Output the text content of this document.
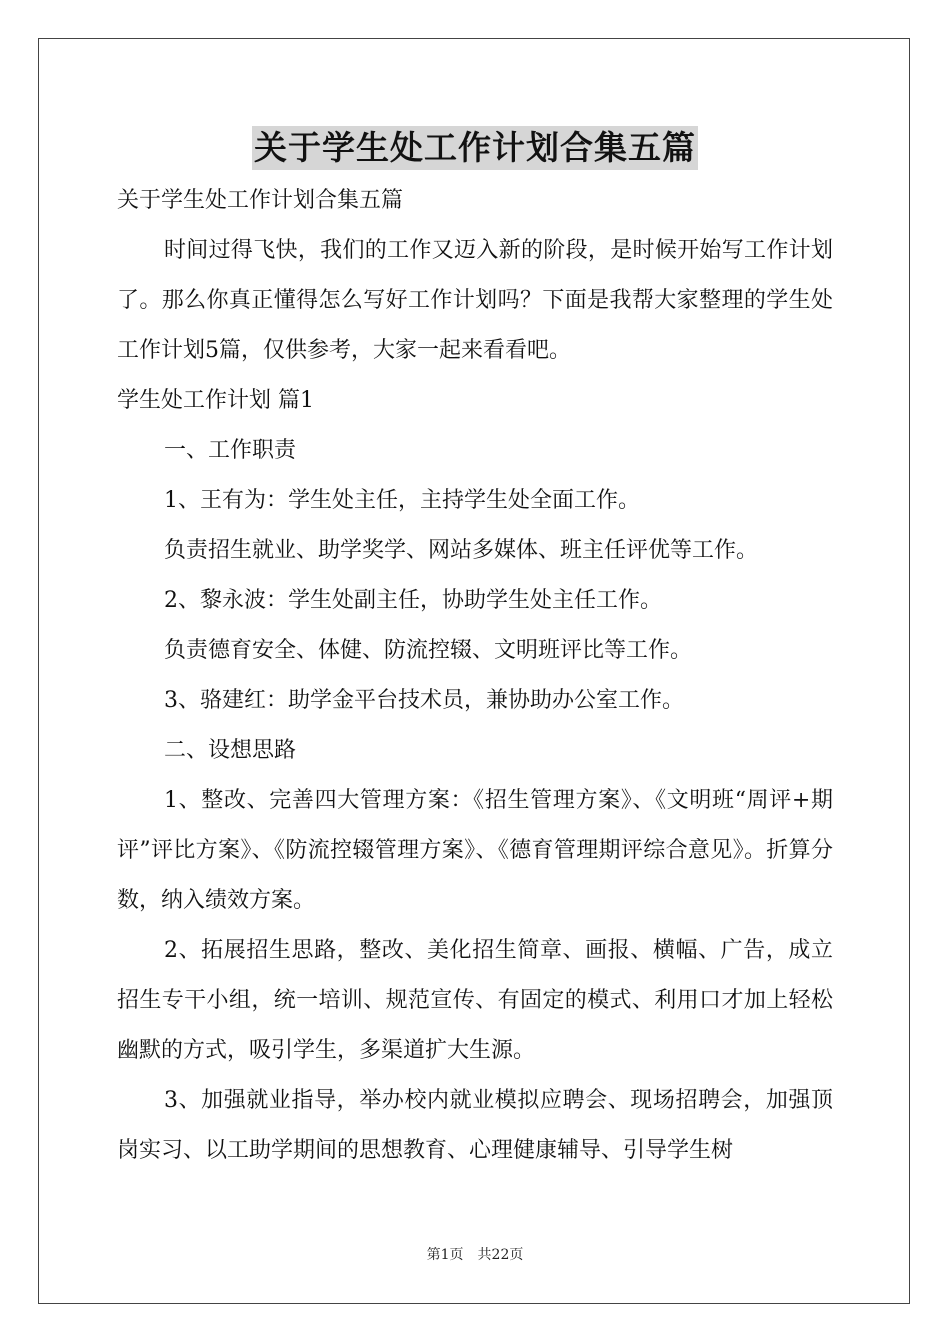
关于学生处工作计划合集五篇
关于学生处工作计划合集五篇
时间过得飞快，我们的工作又迈入新的阶段，是时候开始写工作计划了。那么你真正懂得怎么写好工作计划吗？下面是我帮大家整理的学生处工作计划5篇，仅供参考，大家一起来看看吧。
学生处工作计划 篇1
一、工作职责
1、王有为：学生处主任，主持学生处全面工作。
负责招生就业、助学奖学、网站多媒体、班主任评优等工作。
2、黎永波：学生处副主任，协助学生处主任工作。
负责德育安全、体健、防流控辍、文明班评比等工作。
3、骆建红：助学金平台技术员，兼协助办公室工作。
二、设想思路
1、整改、完善四大管理方案：《招生管理方案》、《文明班“周评+期评”评比方案》、《防流控辍管理方案》、《德育管理期评综合意见》。折算分数，纳入绩效方案。
2、拓展招生思路，整改、美化招生简章、画报、横幅、广告，成立招生专干小组，统一培训、规范宣传、有固定的模式、利用口才加上轻松幽默的方式，吸引学生，多渠道扩大生源。
3、加强就业指导，举办校内就业模拟应聘会、现场招聘会，加强顶岗实习、以工助学期间的思想教育、心理健康辅导、引导学生树
第1页　共22页
